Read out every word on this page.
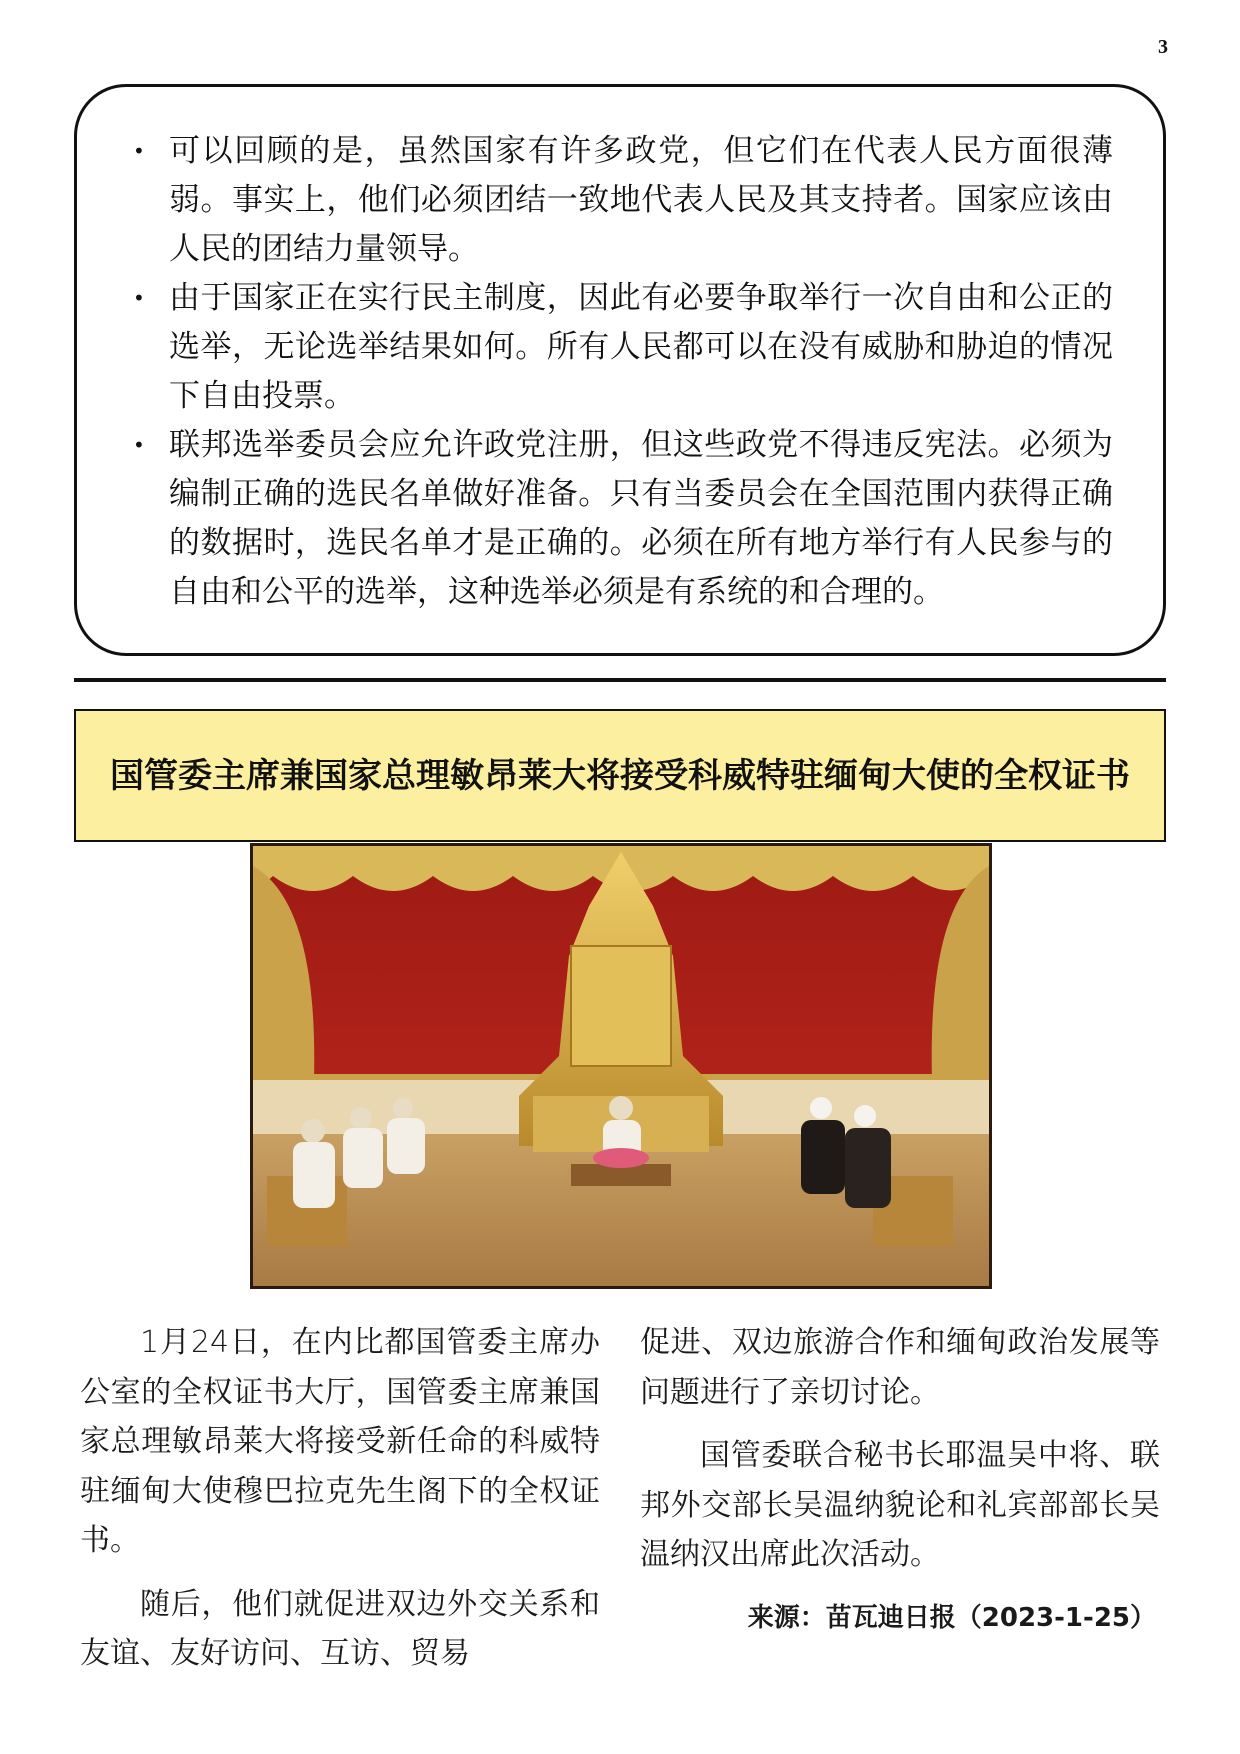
3
• 可以回顾的是，虽然国家有许多政党，但它们在代表人民方面很薄弱。事实上，他们必须团结一致地代表人民及其支持者。国家应该由人民的团结力量领导。
• 由于国家正在实行民主制度，因此有必要争取举行一次自由和公正的选举，无论选举结果如何。所有人民都可以在没有威胁和胁迫的情况下自由投票。
• 联邦选举委员会应允许政党注册，但这些政党不得违反宪法。必须为编制正确的选民名单做好准备。只有当委员会在全国范围内获得正确的数据时，选民名单才是正确的。必须在所有地方举行有人民参与的自由和公平的选举，这种选举必须是有系统的和合理的。
国管委主席兼国家总理敏昂莱大将接受科威特驻缅甸大使的全权证书

1月24日，在内比都国管委主席办公室的全权证书大厅，国管委主席兼国家总理敏昂莱大将接受新任命的科威特驻缅甸大使穆巴拉克先生阁下的全权证书。

随后，他们就促进双边外交关系和友谊、友好访问、互访、贸易

促进、双边旅游合作和缅甸政治发展等问题进行了亲切讨论。

国管委联合秘书长耶温吴中将、联邦外交部长吴温纳貌论和礼宾部部长吴温纳汉出席此次活动。

来源：苗瓦迪日报（2023-1-25）
